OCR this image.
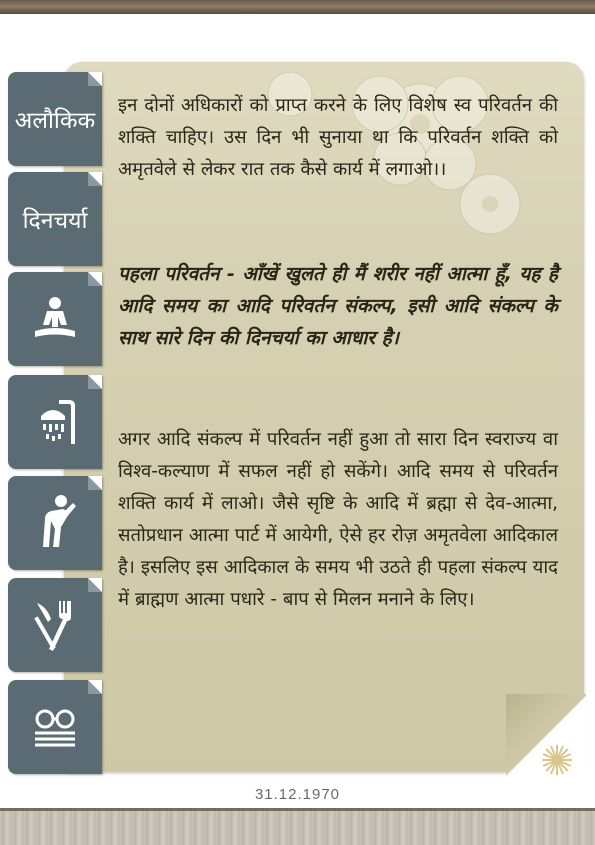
अलौकिक
दिनचर्या
इन दोनों अधिकारों को प्राप्त करने के लिए विशेष स्व परिवर्तन की शक्ति चाहिए। उस दिन भी सुनाया था कि परिवर्तन शक्ति को अमृतवेले से लेकर रात तक कैसे कार्य में लगाओ।।
पहला परिवर्तन - आँखें खुलते ही मैं शरीर नहीं आत्मा हूँ, यह है आदि समय का आदि परिवर्तन संकल्प, इसी आदि संकल्प के साथ सारे दिन की दिनचर्या का आधार है।
अगर आदि संकल्प में परिवर्तन नहीं हुआ तो सारा दिन स्वराज्य वा विश्व-कल्याण में सफल नहीं हो सकेंगे। आदि समय से परिवर्तन शक्ति कार्य में लाओ। जैसे सृष्टि के आदि में ब्रह्मा से देव-आत्मा, सतोप्रधान आत्मा पार्ट में आयेगी, ऐसे हर रोज़ अमृतवेला आदिकाल है। इसलिए इस आदिकाल के समय भी उठते ही पहला संकल्प याद में ब्राह्मण आत्मा पधारे - बाप से मिलन मनाने के लिए।
31.12.1970
